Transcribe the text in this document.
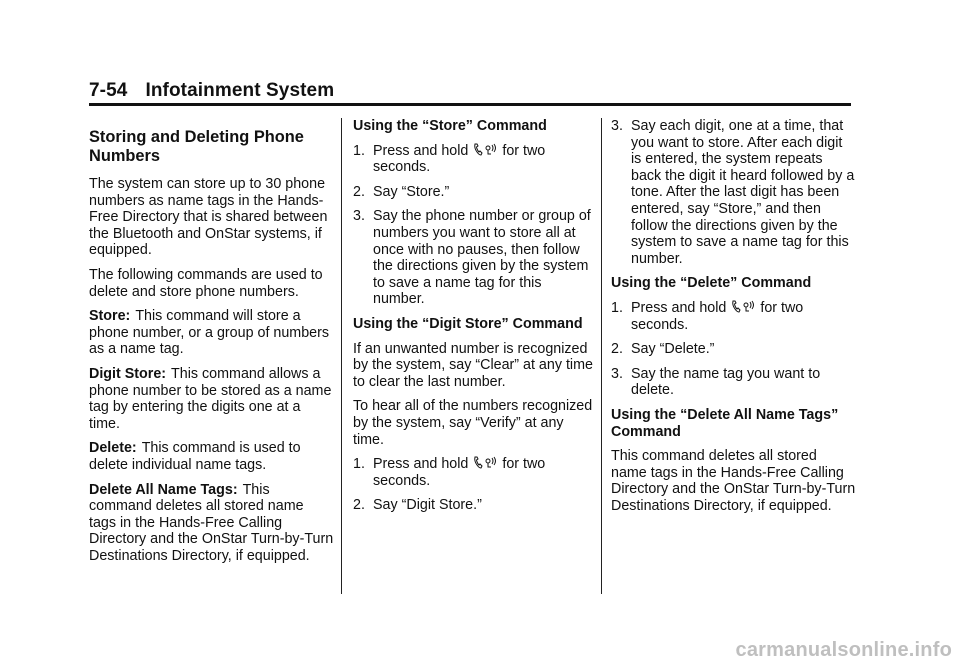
7-54 Infotainment System
Storing and Deleting Phone Numbers

The system can store up to 30 phone numbers as name tags in the Hands-Free Directory that is shared between the Bluetooth and OnStar systems, if equipped.

The following commands are used to delete and store phone numbers.

Store: This command will store a phone number, or a group of numbers as a name tag.

Digit Store: This command allows a phone number to be stored as a name tag by entering the digits one at a time.

Delete: This command is used to delete individual name tags.

Delete All Name Tags: This command deletes all stored name tags in the Hands-Free Calling Directory and the OnStar Turn-by-Turn Destinations Directory, if equipped.

Using the “Store” Command
1. Press and hold for two seconds.
2. Say “Store.”
3. Say the phone number or group of numbers you want to store all at once with no pauses, then follow the directions given by the system to save a name tag for this number.
Using the “Digit Store” Command

If an unwanted number is recognized by the system, say “Clear” at any time to clear the last number.

To hear all of the numbers recognized by the system, say “Verify” at any time.

1. Press and hold for two seconds.
2. Say “Digit Store.”
3. Say each digit, one at a time, that you want to store. After each digit is entered, the system repeats back the digit it heard followed by a tone. After the last digit has been entered, say “Store,” and then follow the directions given by the system to save a name tag for this number.
Using the “Delete” Command
1. Press and hold for two seconds.
2. Say “Delete.”
3. Say the name tag you want to delete.
Using the “Delete All Name Tags” Command

This command deletes all stored name tags in the Hands-Free Calling Directory and the OnStar Turn-by-Turn Destinations Directory, if equipped.

carmanualsonline.info
